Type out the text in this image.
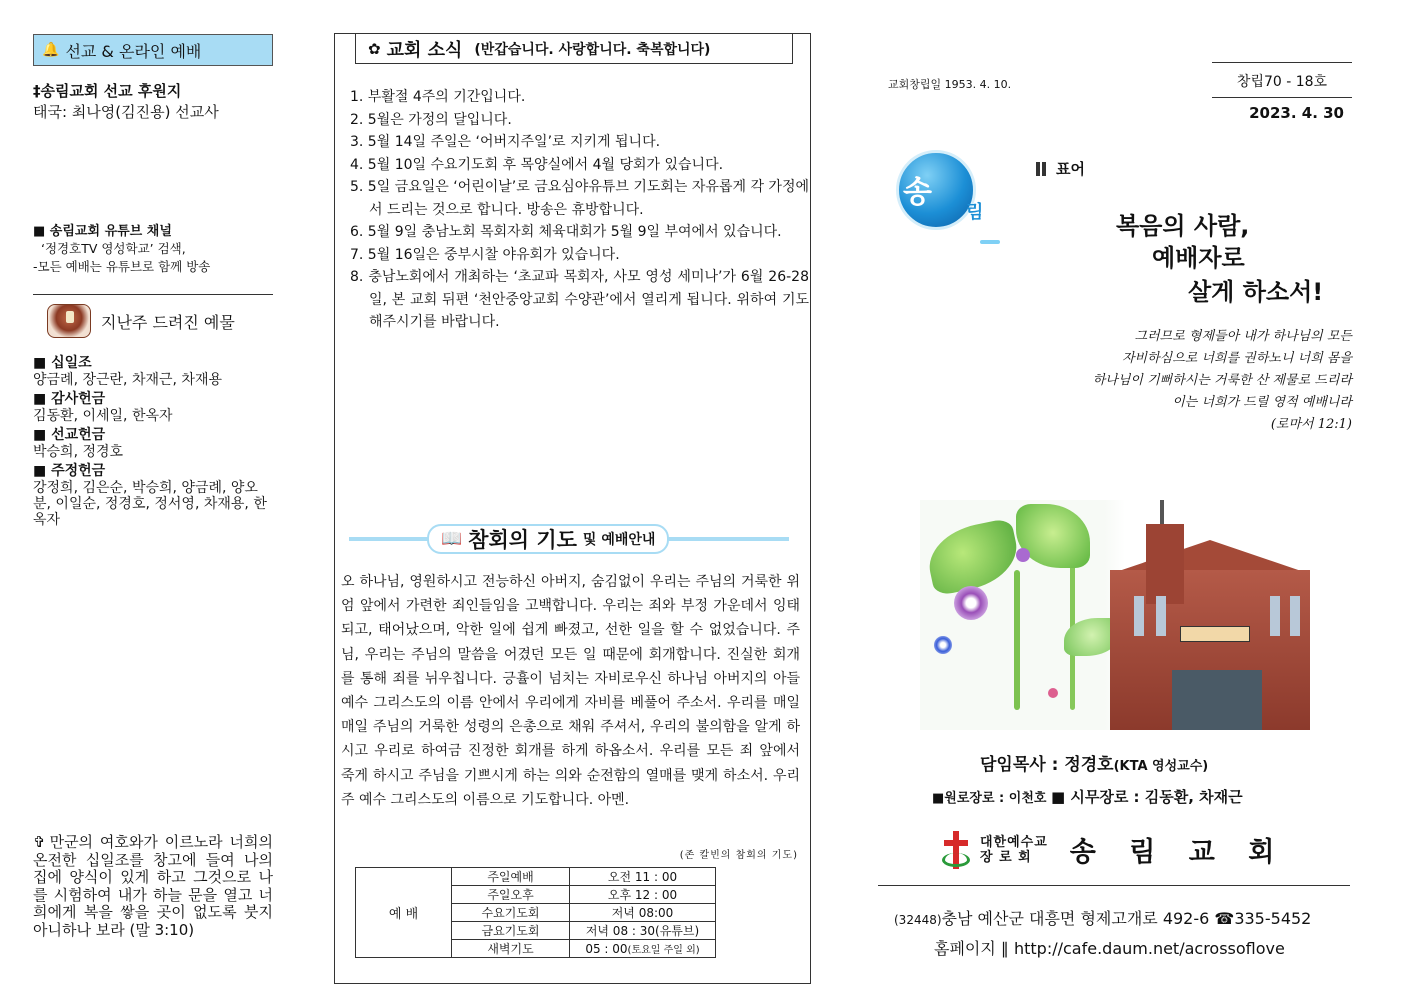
🔔 선교 & 온라인 예배
‡송림교회 선교 후원지
태국: 최나영(김진용) 선교사
■ 송림교회 유튜브 채널
‘정경호TV 영성학교’ 검색,
-모든 예배는 유튜브로 함께 방송
지난주 드려진 예물
■ 십일조
양금례, 장근란, 차재근, 차재용
■ 감사헌금
김동환, 이세일, 한옥자
■ 선교헌금
박승희, 정경호
■ 주정헌금
강정희, 김은순, 박승희, 양금례, 양오분, 이일순, 정경호, 정서영, 차재용, 한옥자
✞ 만군의 여호와가 이르노라 너희의 온전한 십일조를 창고에 들여 나의 집에 양식이 있게 하고 그것으로 나를 시험하여 내가 하늘 문을 열고 너희에게 복을 쌓을 곳이 없도록 붓지 아니하나 보라 (말 3:10)
✿ 교회 소식 (반갑습니다. 사랑합니다. 축복합니다)
1. 부활절 4주의 기간입니다.
2. 5월은 가정의 달입니다.
3. 5월 14일 주일은 ‘어버지주일’로 지키게 됩니다.
4. 5월 10일 수요기도회 후 목양실에서 4월 당회가 있습니다.
5. 5일 금요일은 ‘어린이날’로 금요심야유튜브 기도회는 자유롭게 각 가정에서 드리는 것으로 합니다. 방송은 휴방합니다.
6. 5월 9일 충남노회 목회자회 체육대회가 5월 9일 부여에서 있습니다.
7. 5월 16일은 중부시찰 야유회가 있습니다.
8. 충남노회에서 개최하는 ‘초교파 목회자, 사모 영성 세미나’가 6월 26-28일, 본 교회 뒤편 ‘천안중앙교회 수양관’에서 열리게 됩니다. 위하여 기도해주시기를 바랍니다.
📖 참회의 기도 및 예배안내
오 하나님, 영원하시고 전능하신 아버지, 숨김없이 우리는 주님의 거룩한 위엄 앞에서 가련한 죄인들임을 고백합니다. 우리는 죄와 부정 가운데서 잉태되고, 태어났으며, 악한 일에 쉽게 빠졌고, 선한 일을 할 수 없었습니다. 주님, 우리는 주님의 말씀을 어겼던 모든 일 때문에 회개합니다. 진실한 회개를 통해 죄를 뉘우칩니다. 긍휼이 넘치는 자비로우신 하나님 아버지의 아들 예수 그리스도의 이름 안에서 우리에게 자비를 베풀어 주소서. 우리를 매일매일 주님의 거룩한 성령의 은총으로 채워 주셔서, 우리의 불의함을 알게 하시고 우리로 하여금 진정한 회개를 하게 하옵소서. 우리를 모든 죄 앞에서 죽게 하시고 주님을 기쁘시게 하는 의와 순전함의 열매를 맺게 하소서. 우리 주 예수 그리스도의 이름으로 기도합니다. 아멘.
(존 칼빈의 참회의 기도)
예 배	주일예배	오전 11 : 00
	주일오후	오후 12 : 00
	수요기도회	저녁 08:00
	금요기도회	저녁 08 : 30(유튜브)
	새벽기도	05 : 00(토요일 주일 외)
교회창립일 1953. 4. 10.	창립70 - 18호
2023. 4. 30
송
림
표어
복음의 사람,
예배자로
살게 하소서!
그러므로 형제들아 내가 하나님의 모든
자비하심으로 너희를 권하노니 너희 몸을
하나님이 기뻐하시는 거룩한 산 제물로 드리라
이는 너희가 드릴 영적 예배니라
(로마서 12:1)
담임목사 : 정경호(KTA 영성교수)
■원로장로 : 이천호 ■ 시무장로 : 김동환, 차재근
대한예수교
장 로 회	송 림 교 회
(32448)충남 예산군 대흥면 형제고개로 492-6 ☎335-5452
홈페이지 ∥ http://cafe.daum.net/acrossoflove
